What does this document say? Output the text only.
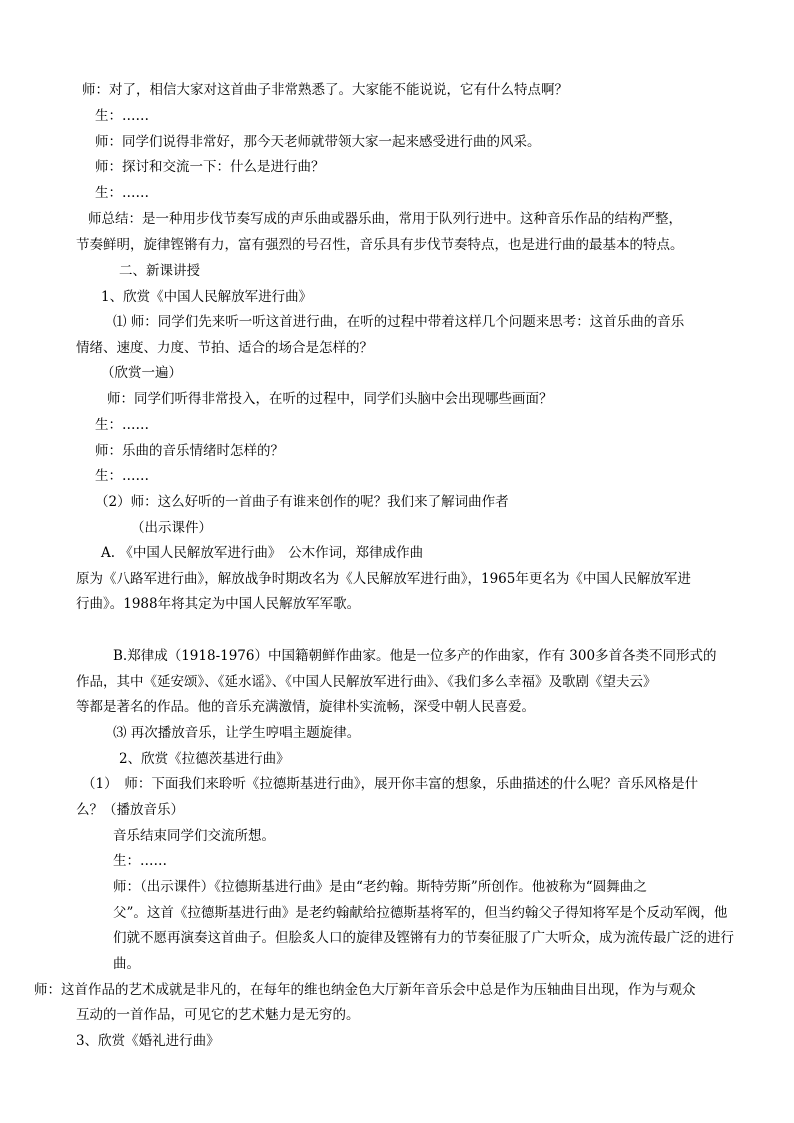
师：对了，相信大家对这首曲子非常熟悉了。大家能不能说说，它有什么特点啊？
生：……
师：同学们说得非常好，那今天老师就带领大家一起来感受进行曲的风采。
师：探讨和交流一下：什么是进行曲？
生：……
师总结：是一种用步伐节奏写成的声乐曲或器乐曲，常用于队列行进中。这种音乐作品的结构严整，
节奏鲜明，旋律铿锵有力，富有强烈的号召性，音乐具有步伐节奏特点，也是进行曲的最基本的特点。
二、新课讲授
1、欣赏《中国人民解放军进行曲》
⑴ 师：同学们先来听一听这首进行曲，在听的过程中带着这样几个问题来思考：这首乐曲的音乐
情绪、速度、力度、节拍、适合的场合是怎样的？
（欣赏一遍）
师：同学们听得非常投入，在听的过程中，同学们头脑中会出现哪些画面？
生：……
师：乐曲的音乐情绪时怎样的？
生：……
（2）师：这么好听的一首曲子有谁来创作的呢？我们来了解词曲作者
（出示课件）
A. 《中国人民解放军进行曲》　公木作词，郑律成作曲
原为《八路军进行曲》，解放战争时期改名为《人民解放军进行曲》，1965年更名为《中国人民解放军进
行曲》。1988年将其定为中国人民解放军军歌。
B.郑律成（1918-1976）中国籍朝鲜作曲家。他是一位多产的作曲家，作有 300多首各类不同形式的
作品，其中《延安颂》、《延水谣》、《中国人民解放军进行曲》、《我们多么幸福》及歌剧《望夫云》
等都是著名的作品。他的音乐充满激情，旋律朴实流畅，深受中朝人民喜爱。
⑶ 再次播放音乐，让学生哼唱主题旋律。
2、欣赏《拉德茨基进行曲》
（1）　师：下面我们来聆听《拉德斯基进行曲》，展开你丰富的想象，乐曲描述的什么呢？音乐风格是什
么？（播放音乐）
音乐结束同学们交流所想。
生：……
师：（出示课件）《拉德斯基进行曲》是由“老约翰。斯特劳斯”所创作。他被称为“圆舞曲之
父”。这首《拉德斯基进行曲》是老约翰献给拉德斯基将军的，但当约翰父子得知将军是个反动军阀，他
们就不愿再演奏这首曲子。但脍炙人口的旋律及铿锵有力的节奏征服了广大听众，成为流传最广泛的进行
曲。
师：这首作品的艺术成就是非凡的，在每年的维也纳金色大厅新年音乐会中总是作为压轴曲目出现，作为与观众
互动的一首作品，可见它的艺术魅力是无穷的。
3、欣赏《婚礼进行曲》
